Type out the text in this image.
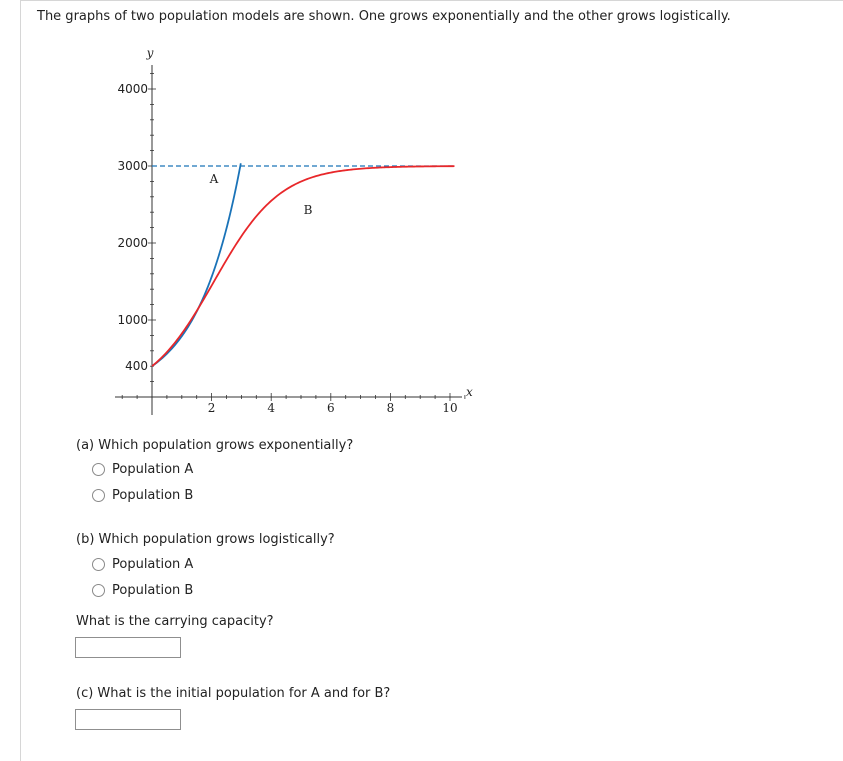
The graphs of two population models are shown. One grows exponentially and the other grows logistically.
2	4	6	8	10
400
1000
2000
3000
4000
x
y
A
B
(a) Which population grows exponentially?
Population A
Population B
(b) Which population grows logistically?
Population A
Population B
What is the carrying capacity?
(c) What is the initial population for A and for B?
